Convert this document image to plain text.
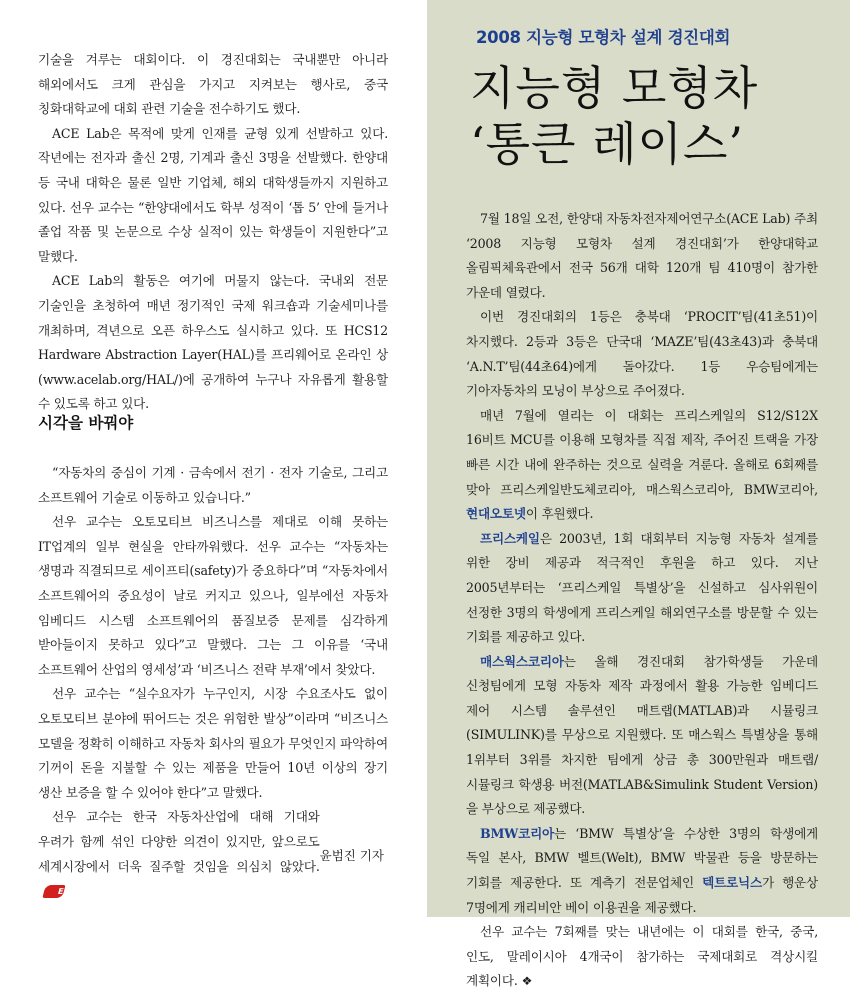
기술을 겨루는 대회이다. 이 경진대회는 국내뿐만 아니라 해외에서도 크게 관심을 가지고 지켜보는 행사로, 중국 칭화대학교에 대회 관련 기술을 전수하기도 했다.

ACE Lab은 목적에 맞게 인재를 균형 있게 선발하고 있다. 작년에는 전자과 출신 2명, 기계과 출신 3명을 선발했다. 한양대 등 국내 대학은 물론 일반 기업체, 해외 대학생들까지 지원하고 있다. 선우 교수는 “한양대에서도 학부 성적이 ‘톱 5’ 안에 들거나 졸업 작품 및 논문으로 수상 실적이 있는 학생들이 지원한다”고 말했다.

ACE Lab의 활동은 여기에 머물지 않는다. 국내외 전문 기술인을 초청하여 매년 정기적인 국제 워크숍과 기술세미나를 개최하며, 격년으로 오픈 하우스도 실시하고 있다. 또 HCS12 Hardware Abstraction Layer(HAL)를 프리웨어로 온라인 상(www.acelab.org/HAL/)에 공개하여 누구나 자유롭게 활용할 수 있도록 하고 있다.

시각을 바꿔야

“자동차의 중심이 기계 · 금속에서 전기 · 전자 기술로, 그리고 소프트웨어 기술로 이동하고 있습니다.”

선우 교수는 오토모티브 비즈니스를 제대로 이해 못하는 IT업계의 일부 현실을 안타까워했다. 선우 교수는 “자동차는 생명과 직결되므로 세이프티(safety)가 중요하다”며 “자동차에서 소프트웨어의 중요성이 날로 커지고 있으나, 일부에선 자동차 임베디드 시스템 소프트웨어의 품질보증 문제를 심각하게 받아들이지 못하고 있다”고 말했다. 그는 그 이유를 ‘국내 소프트웨어 산업의 영세성’과 ‘비즈니스 전략 부재’에서 찾았다.

선우 교수는 “실수요자가 누구인지, 시장 수요조사도 없이 오토모티브 분야에 뛰어드는 것은 위험한 발상”이라며 “비즈니스 모델을 정확히 이해하고 자동차 회사의 필요가 무엇인지 파악하여 기꺼이 돈을 지불할 수 있는 제품을 만들어 10년 이상의 장기 생산 보증을 할 수 있어야 한다”고 말했다.

선우 교수는 한국 자동차산업에 대해 기대와 우려가 함께 섞인 다양한 의견이 있지만, 앞으로도 세계시장에서 더욱 질주할 것임을 의심치 않았다.Ei

윤범진 기자
2008 지능형 모형차 설계 경진대회
지능형 모형차
‘통큰 레이스’

7월 18일 오전, 한양대 자동차전자제어연구소(ACE Lab) 주최 ‘2008 지능형 모형차 설계 경진대회’가 한양대학교 올림픽체육관에서 전국 56개 대학 120개 팀 410명이 참가한 가운데 열렸다.

이번 경진대회의 1등은 충북대 ‘PROCIT’팀(41초51)이 차지했다. 2등과 3등은 단국대 ‘MAZE’팀(43초43)과 충북대 ‘A.N.T’팀(44초64)에게 돌아갔다. 1등 우승팀에게는 기아자동차의 모닝이 부상으로 주어졌다.

매년 7월에 열리는 이 대회는 프리스케일의 S12/S12X 16비트 MCU를 이용해 모형차를 직접 제작, 주어진 트랙을 가장 빠른 시간 내에 완주하는 것으로 실력을 겨룬다. 올해로 6회째를 맞아 프리스케일반도체코리아, 매스웍스코리아, BMW코리아, 현대오토넷이 후원했다.

프리스케일은 2003년, 1회 대회부터 지능형 자동차 설계를 위한 장비 제공과 적극적인 후원을 하고 있다. 지난 2005년부터는 ‘프리스케일 특별상’을 신설하고 심사위원이 선정한 3명의 학생에게 프리스케일 해외연구소를 방문할 수 있는 기회를 제공하고 있다.

매스웍스코리아는 올해 경진대회 참가학생들 가운데 신청팀에게 모형 자동차 제작 과정에서 활용 가능한 임베디드 제어 시스템 솔루션인 매트랩(MATLAB)과 시뮬링크(SIMULINK)를 무상으로 지원했다. 또 매스웍스 특별상을 통해 1위부터 3위를 차지한 팀에게 상금 총 300만원과 매트랩/시뮬링크 학생용 버전(MATLAB&Simulink Student Version)을 부상으로 제공했다.

BMW코리아는 ‘BMW 특별상’을 수상한 3명의 학생에게 독일 본사, BMW 벨트(Welt), BMW 박물관 등을 방문하는 기회를 제공한다. 또 계측기 전문업체인 텍트로닉스가 행운상 7명에게 캐리비안 베이 이용권을 제공했다.

선우 교수는 7회째를 맞는 내년에는 이 대회를 한국, 중국, 인도, 말레이시아 4개국이 참가하는 국제대회로 격상시킬 계획이다. ❖
